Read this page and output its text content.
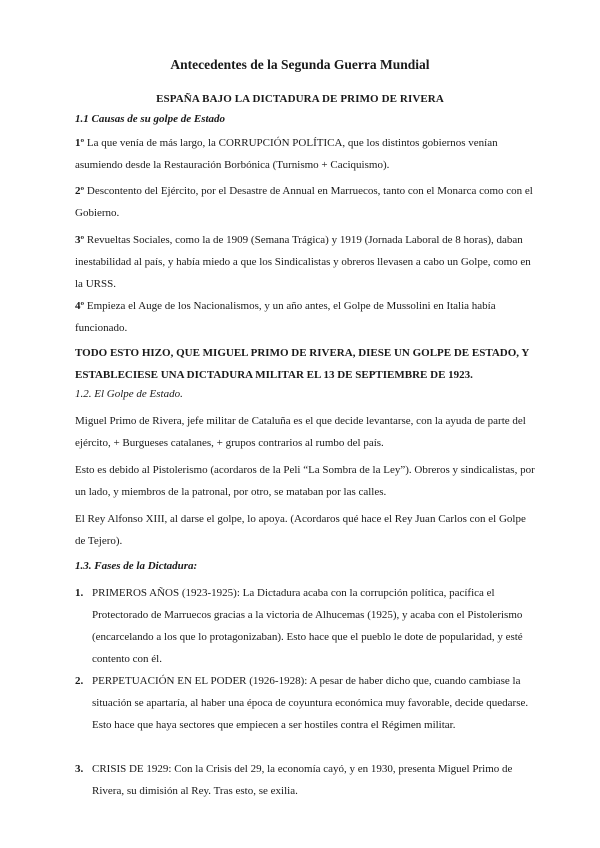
Antecedentes de la Segunda Guerra Mundial
ESPAÑA BAJO LA DICTADURA DE PRIMO DE RIVERA

1.1 Causas de su golpe de Estado

1º La que venía de más largo, la CORRUPCIÓN POLÍTICA, que los distintos gobiernos venían asumiendo desde la Restauración Borbónica (Turnismo + Caciquismo).

2º Descontento del Ejército, por el Desastre de Annual en Marruecos, tanto con el Monarca como con el Gobierno.

3º Revueltas Sociales, como la de 1909 (Semana Trágica) y 1919 (Jornada Laboral de 8 horas), daban inestabilidad al país, y había miedo a que los Sindicalistas y obreros llevasen a cabo un Golpe, como en la URSS.

4º Empieza el Auge de los Nacionalismos, y un año antes, el Golpe de Mussolini en Italia había funcionado.

TODO ESTO HIZO, QUE MIGUEL PRIMO DE RIVERA, DIESE UN GOLPE DE ESTADO, Y ESTABLECIESE UNA DICTADURA MILITAR EL 13 DE SEPTIEMBRE DE 1923.

1.2. El Golpe de Estado.

Miguel Primo de Rivera, jefe militar de Cataluña es el que decide levantarse, con la ayuda de parte del ejército, + Burgueses catalanes, + grupos contrarios al rumbo del país.

Esto es debido al Pistolerismo (acordaros de la Peli “La Sombra de la Ley”). Obreros y sindicalistas, por un lado, y miembros de la patronal, por otro, se mataban por las calles.

El Rey Alfonso XIII, al darse el golpe, lo apoya. (Acordaros qué hace el Rey Juan Carlos con el Golpe de Tejero).

1.3. Fases de la Dictadura:

1. PRIMEROS AÑOS (1923-1925): La Dictadura acaba con la corrupción política, pacífica el Protectorado de Marruecos gracias a la victoria de Alhucemas (1925), y acaba con el Pistolerismo (encarcelando a los que lo protagonizaban). Esto hace que el pueblo le dote de popularidad, y esté contento con él.
2. PERPETUACIÓN EN EL PODER (1926-1928): A pesar de haber dicho que, cuando cambiase la situación se apartaría, al haber una época de coyuntura económica muy favorable, decide quedarse. Esto hace que haya sectores que empiecen a ser hostiles contra el Régimen militar.
3. CRISIS DE 1929: Con la Crisis del 29, la economía cayó, y en 1930, presenta Miguel Primo de Rivera, su dimisión al Rey. Tras esto, se exilia.
